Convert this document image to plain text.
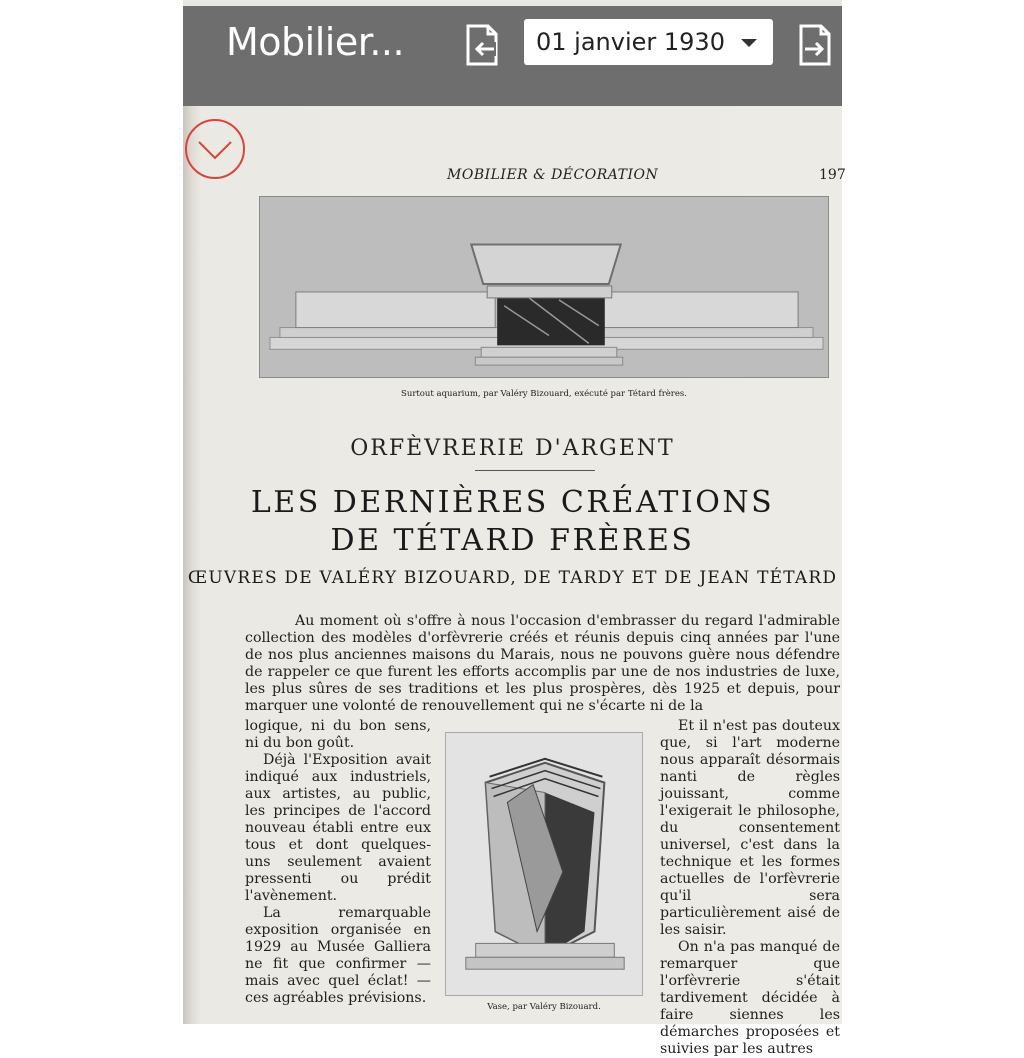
Mobilier...	01 janvier 1930
MOBILIER & DÉCORATION	197
Surtout aquarium, par Valéry Bizouard, exécuté par Tétard frères.
ORFÈVRERIE D'ARGENT
LES DERNIÈRES CRÉATIONS
DE TÉTARD FRÈRES
ŒUVRES DE VALÉRY BIZOUARD, DE TARDY ET DE JEAN TÉTARD

Au moment où s'offre à nous l'occasion d'embrasser du regard l'admirable collection des modèles d'orfèvrerie créés et réunis depuis cinq années par l'une de nos plus anciennes maisons du Marais, nous ne pouvons guère nous défendre de rappeler ce que furent les efforts accomplis par une de nos industries de luxe, les plus sûres de ses traditions et les plus prospères, dès 1925 et depuis, pour marquer une volonté de renouvellement qui ne s'écarte ni de la

logique, ni du bon sens, ni du bon goût.

Déjà l'Exposition avait indiqué aux industriels, aux artistes, au public, les principes de l'accord nouveau établi entre eux tous et dont quelques-uns seulement avaient pressenti ou prédit l'avènement.

La remarquable exposition organisée en 1929 au Musée Galliera ne fit que confirmer — mais avec quel éclat! — ces agréables prévisions.

Vase, par Valéry Bizouard.

Et il n'est pas douteux que, si l'art moderne nous apparaît désormais nanti de règles jouissant, comme l'exigerait le philosophe, du consentement universel, c'est dans la technique et les formes actuelles de l'orfèvrerie qu'il sera particulièrement aisé de les saisir.

On n'a pas manqué de remarquer que l'orfèvrerie s'était tardivement décidée à faire siennes les démarches proposées et suivies par les autres
